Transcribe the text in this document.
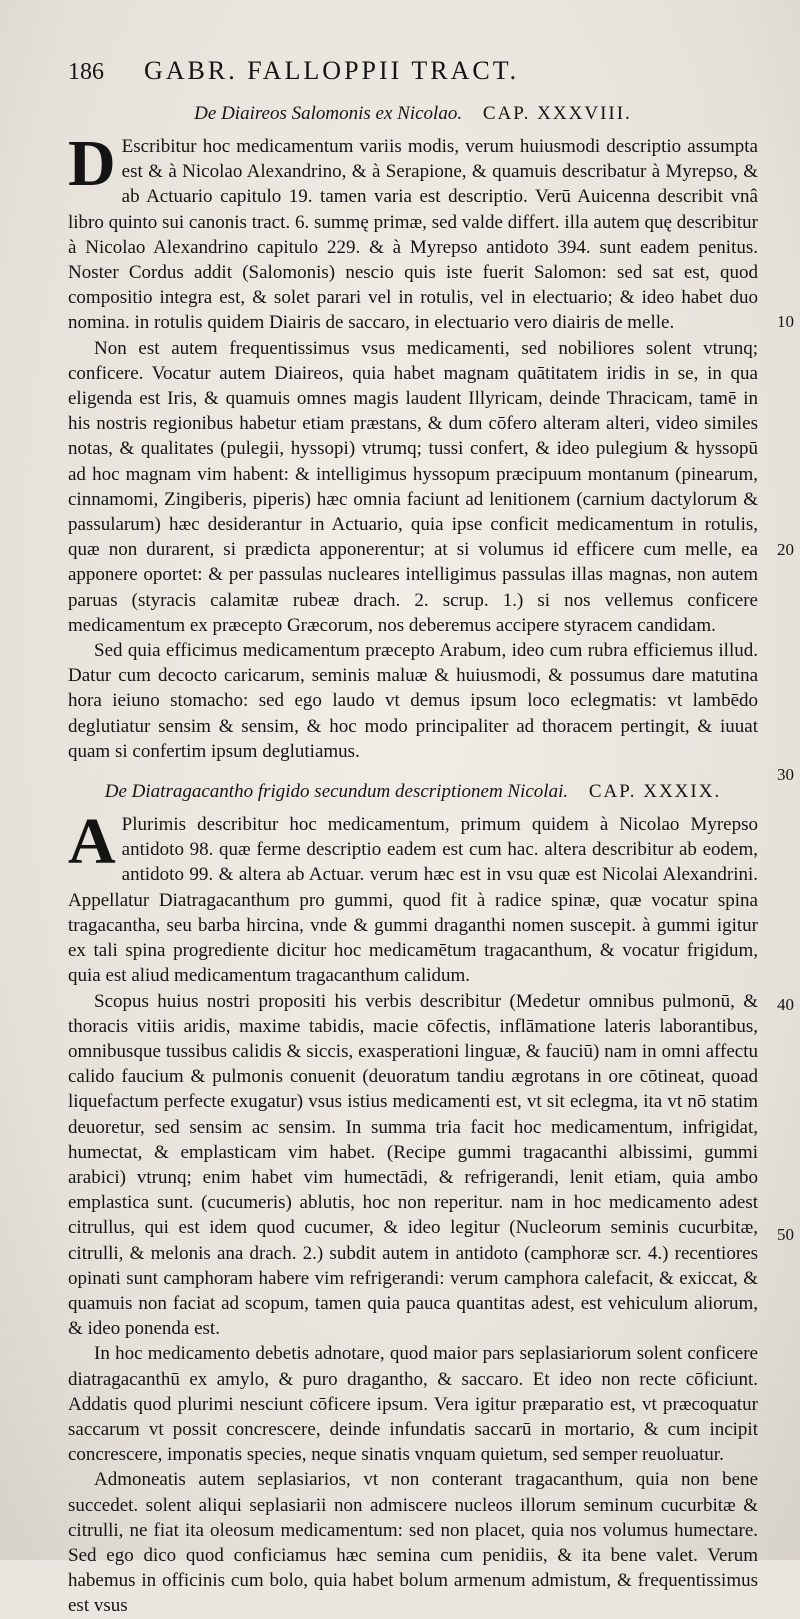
186 GABR. FALLOPPII TRACT.
De Diaireos Salomonis ex Nicolao. CAP. XXXVIII.

D Escribitur hoc medicamentum variis modis, verum huiusmodi descriptio assumpta est & à Nicolao Alexandrino, & à Serapione, & quamuis describatur à Myrepso, & ab Actuario capitulo 19. tamen varia est descriptio. Verū Auicenna describit vnâ libro quinto sui canonis tract. 6. summę primæ, sed valde differt. illa autem quę describitur à Nicolao Alexandrino capitulo 229. & à Myrepso antidoto 394. sunt eadem penitus. Noster Cordus addit (Salomonis) nescio quis iste fuerit Salomon: sed sat est, quod compositio integra est, & solet parari vel in rotulis, vel in electuario; & ideo habet duo nomina. in rotulis quidem Diairis de saccaro, in electuario vero diairis de melle.

Non est autem frequentissimus vsus medicamenti, sed nobiliores solent vtrunq; conficere. Vocatur autem Diaireos, quia habet magnam quātitatem iridis in se, in qua eligenda est Iris, & quamuis omnes magis laudent Illyricam, deinde Thracicam, tamē in his nostris regionibus habetur etiam præstans, & dum cōfero alteram alteri, video similes notas, & qualitates (pulegii, hyssopi) vtrumq; tussi confert, & ideo pulegium & hyssopū ad hoc magnam vim habent: & intelligimus hyssopum præcipuum montanum (pinearum, cinnamomi, Zingiberis, piperis) hæc omnia faciunt ad lenitionem (carnium dactylorum & passularum) hæc desiderantur in Actuario, quia ipse conficit medicamentum in rotulis, quæ non durarent, si prædicta apponerentur; at si volumus id efficere cum melle, ea apponere oportet: & per passulas nucleares intelligimus passulas illas magnas, non autem paruas (styracis calamitæ rubeæ drach. 2. scrup. 1.) si nos vellemus conficere medicamentum ex præcepto Græcorum, nos deberemus accipere styracem candidam.

Sed quia efficimus medicamentum præcepto Arabum, ideo cum rubra efficiemus illud. Datur cum decocto caricarum, seminis maluæ & huiusmodi, & possumus dare matutina hora ieiuno stomacho: sed ego laudo vt demus ipsum loco eclegmatis: vt lambēdo deglutiatur sensim & sensim, & hoc modo principaliter ad thoracem pertingit, & iuuat quam si confertim ipsum deglutiamus.

De Diatragacantho frigido secundum descriptionem Nicolai. CAP. XXXIX.

A Plurimis describitur hoc medicamentum, primum quidem à Nicolao Myrepso antidoto 98. quæ ferme descriptio eadem est cum hac. altera describitur ab eodem, antidoto 99. & altera ab Actuar. verum hæc est in vsu quæ est Nicolai Alexandrini. Appellatur Diatragacanthum pro gummi, quod fit à radice spinæ, quæ vocatur spina tragacantha, seu barba hircina, vnde & gummi draganthi nomen suscepit. à gummi igitur ex tali spina progrediente dicitur hoc medicamētum tragacanthum, & vocatur frigidum, quia est aliud medicamentum tragacanthum calidum.

Scopus huius nostri propositi his verbis describitur (Medetur omnibus pulmonū, & thoracis vitiis aridis, maxime tabidis, macie cōfectis, inflāmatione lateris laborantibus, omnibusque tussibus calidis & siccis, exasperationi linguæ, & fauciū) nam in omni affectu calido faucium & pulmonis conuenit (deuoratum tandiu ægrotans in ore cōtineat, quoad liquefactum perfecte exugatur) vsus istius medicamenti est, vt sit eclegma, ita vt nō statim deuoretur, sed sensim ac sensim. In summa tria facit hoc medicamentum, infrigidat, humectat, & emplasticam vim habet. (Recipe gummi tragacanthi albissimi, gummi arabici) vtrunq; enim habet vim humectādi, & refrigerandi, lenit etiam, quia ambo emplastica sunt. (cucumeris) ablutis, hoc non reperitur. nam in hoc medicamento adest citrullus, qui est idem quod cucumer, & ideo legitur (Nucleorum seminis cucurbitæ, citrulli, & melonis ana drach. 2.) subdit autem in antidoto (camphoræ scr. 4.) recentiores opinati sunt camphoram habere vim refrigerandi: verum camphora calefacit, & exiccat, & quamuis non faciat ad scopum, tamen quia pauca quantitas adest, est vehiculum aliorum, & ideo ponenda est.

In hoc medicamento debetis adnotare, quod maior pars seplasiariorum solent conficere diatragacanthū ex amylo, & puro dragantho, & saccaro. Et ideo non recte cōficiunt. Addatis quod plurimi nesciunt cōficere ipsum. Vera igitur præparatio est, vt præcoquatur saccarum vt possit concrescere, deinde infundatis saccarū in mortario, & cum incipit concrescere, imponatis species, neque sinatis vnquam quietum, sed semper reuoluatur.

Admoneatis autem seplasiarios, vt non conterant tragacanthum, quia non bene succedet. solent aliqui seplasiarii non admiscere nucleos illorum seminum cucurbitæ & citrulli, ne fiat ita oleosum medicamentum: sed non placet, quia nos volumus humectare. Sed ego dico quod conficiamus hæc semina cum penidiis, & ita bene valet. Verum habemus in officinis cum bolo, quia habet bolum armenum admistum, & frequentissimus est vsus

10
20
30
40
50
